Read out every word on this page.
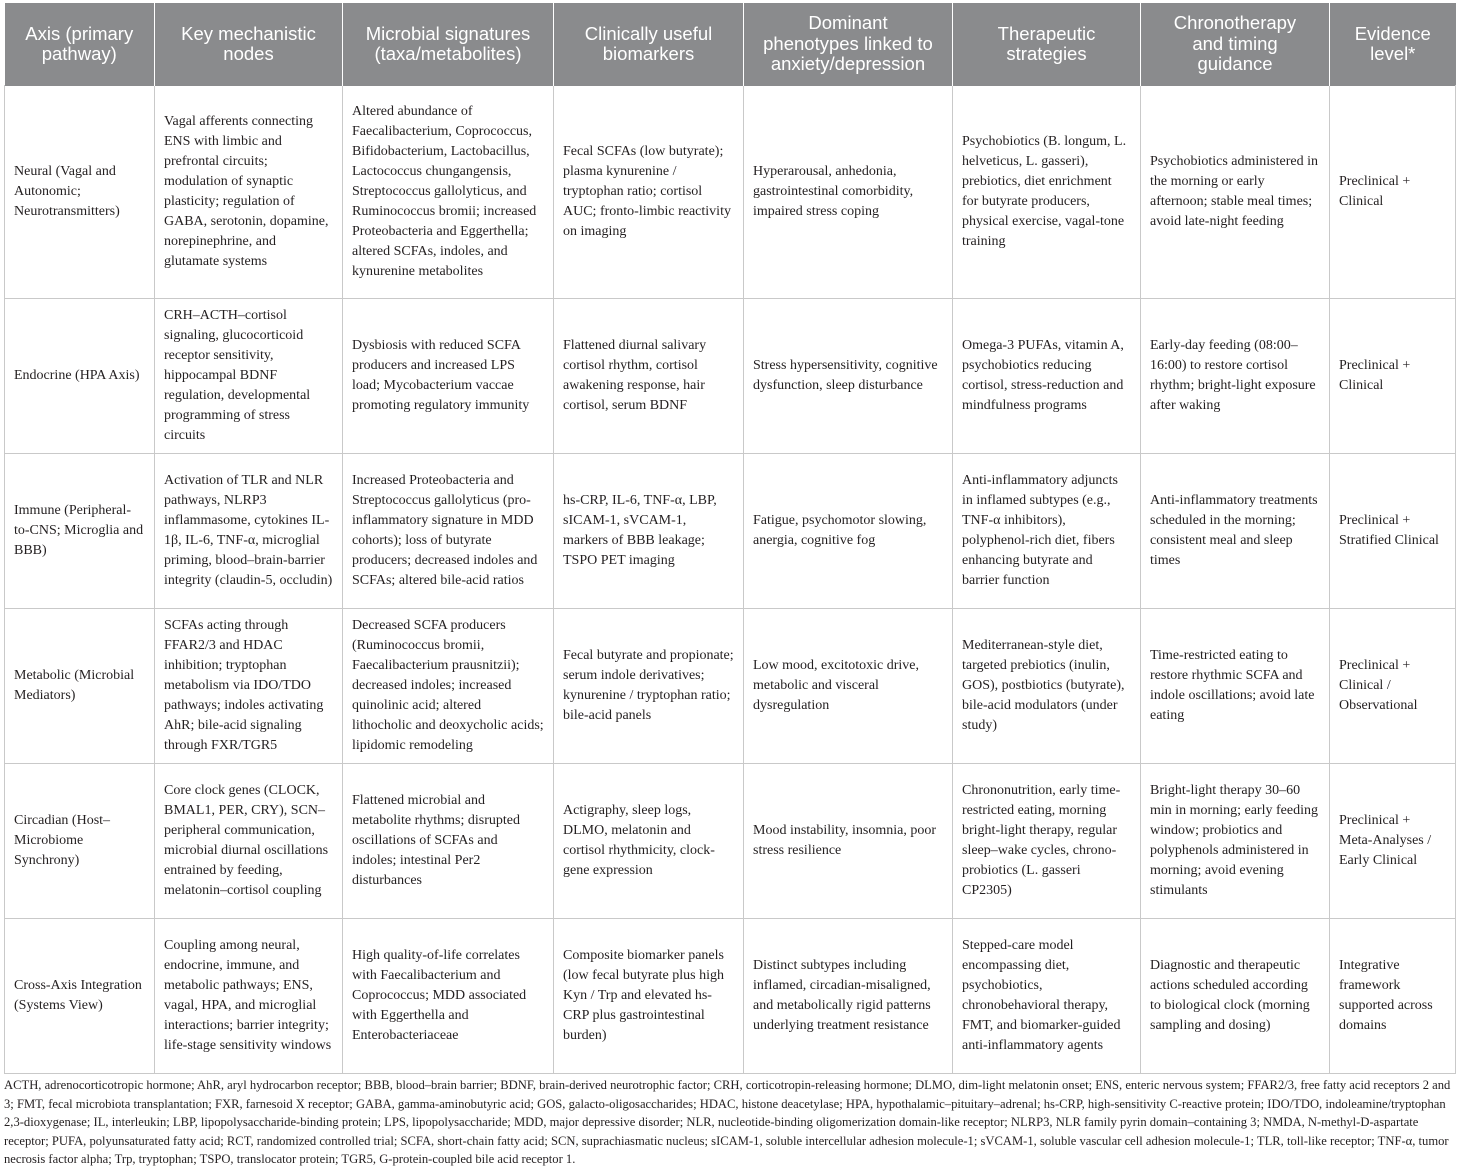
Axis (primary
pathway)	Key mechanistic
nodes	Microbial signatures
(taxa/metabolites)	Clinically useful
biomarkers	Dominant
phenotypes linked to
anxiety/depression	Therapeutic
strategies	Chronotherapy
and timing
guidance	Evidence
level*
Neural (Vagal and Autonomic; Neurotransmitters)	Vagal afferents connecting ENS with limbic and prefrontal circuits; modulation of synaptic plasticity; regulation of GABA, serotonin, dopamine, norepinephrine, and glutamate systems	Altered abundance of Faecalibacterium, Coprococcus, Bifidobacterium, Lactobacillus, Lactococcus chungangensis, Streptococcus gallolyticus, and Ruminococcus bromii; increased Proteobacteria and Eggerthella; altered SCFAs, indoles, and kynurenine metabolites	Fecal SCFAs (low butyrate); plasma kynurenine / tryptophan ratio; cortisol AUC; fronto-limbic reactivity on imaging	Hyperarousal, anhedonia, gastrointestinal comorbidity, impaired stress coping	Psychobiotics (B. longum, L. helveticus, L. gasseri), prebiotics, diet enrichment for butyrate producers, physical exercise, vagal-tone training	Psychobiotics administered in the morning or early afternoon; stable meal times; avoid late-night feeding	Preclinical + Clinical
Endocrine (HPA Axis)	CRH–ACTH–cortisol signaling, glucocorticoid receptor sensitivity, hippocampal BDNF regulation, developmental programming of stress circuits	Dysbiosis with reduced SCFA producers and increased LPS load; Mycobacterium vaccae promoting regulatory immunity	Flattened diurnal salivary cortisol rhythm, cortisol awakening response, hair cortisol, serum BDNF	Stress hypersensitivity, cognitive dysfunction, sleep disturbance	Omega-3 PUFAs, vitamin A, psychobiotics reducing cortisol, stress-reduction and mindfulness programs	Early-day feeding (08:00–16:00) to restore cortisol rhythm; bright-light exposure after waking	Preclinical + Clinical
Immune (Peripheral-to-CNS; Microglia and BBB)	Activation of TLR and NLR pathways, NLRP3 inflammasome, cytokines IL-1β, IL-6, TNF-α, microglial priming, blood–brain-barrier integrity (claudin-5, occludin)	Increased Proteobacteria and Streptococcus gallolyticus (pro-inflammatory signature in MDD cohorts); loss of butyrate producers; decreased indoles and SCFAs; altered bile-acid ratios	hs-CRP, IL-6, TNF-α, LBP, sICAM-1, sVCAM-1, markers of BBB leakage; TSPO PET imaging	Fatigue, psychomotor slowing, anergia, cognitive fog	Anti-inflammatory adjuncts in inflamed subtypes (e.g., TNF-α inhibitors), polyphenol-rich diet, fibers enhancing butyrate and barrier function	Anti-inflammatory treatments scheduled in the morning; consistent meal and sleep times	Preclinical + Stratified Clinical
Metabolic (Microbial Mediators)	SCFAs acting through FFAR2/3 and HDAC inhibition; tryptophan metabolism via IDO/TDO pathways; indoles activating AhR; bile-acid signaling through FXR/TGR5	Decreased SCFA producers (Ruminococcus bromii, Faecalibacterium prausnitzii); decreased indoles; increased quinolinic acid; altered lithocholic and deoxycholic acids; lipidomic remodeling	Fecal butyrate and propionate; serum indole derivatives; kynurenine / tryptophan ratio; bile-acid panels	Low mood, excitotoxic drive, metabolic and visceral dysregulation	Mediterranean-style diet, targeted prebiotics (inulin, GOS), postbiotics (butyrate), bile-acid modulators (under study)	Time-restricted eating to restore rhythmic SCFA and indole oscillations; avoid late eating	Preclinical + Clinical / Observational
Circadian (Host–Microbiome Synchrony)	Core clock genes (CLOCK, BMAL1, PER, CRY), SCN–peripheral communication, microbial diurnal oscillations entrained by feeding, melatonin–cortisol coupling	Flattened microbial and metabolite rhythms; disrupted oscillations of SCFAs and indoles; intestinal Per2 disturbances	Actigraphy, sleep logs, DLMO, melatonin and cortisol rhythmicity, clock-gene expression	Mood instability, insomnia, poor stress resilience	Chrononutrition, early time-restricted eating, morning bright-light therapy, regular sleep–wake cycles, chrono-probiotics (L. gasseri CP2305)	Bright-light therapy 30–60 min in morning; early feeding window; probiotics and polyphenols administered in morning; avoid evening stimulants	Preclinical + Meta-Analyses / Early Clinical
Cross-Axis Integration (Systems View)	Coupling among neural, endocrine, immune, and metabolic pathways; ENS, vagal, HPA, and microglial interactions; barrier integrity; life-stage sensitivity windows	High quality-of-life correlates with Faecalibacterium and Coprococcus; MDD associated with Eggerthella and Enterobacteriaceae	Composite biomarker panels (low fecal butyrate plus high Kyn / Trp and elevated hs-CRP plus gastrointestinal burden)	Distinct subtypes including inflamed, circadian-misaligned, and metabolically rigid patterns underlying treatment resistance	Stepped-care model encompassing diet, psychobiotics, chronobehavioral therapy, FMT, and biomarker-guided anti-inflammatory agents	Diagnostic and therapeutic actions scheduled according to biological clock (morning sampling and dosing)	Integrative framework supported across domains
ACTH, adrenocorticotropic hormone; AhR, aryl hydrocarbon receptor; BBB, blood–brain barrier; BDNF, brain-derived neurotrophic factor; CRH, corticotropin-releasing hormone; DLMO, dim-light melatonin onset; ENS, enteric nervous system; FFAR2/3, free fatty acid receptors 2 and 3; FMT, fecal microbiota transplantation; FXR, farnesoid X receptor; GABA, gamma-aminobutyric acid; GOS, galacto-oligosaccharides; HDAC, histone deacetylase; HPA, hypothalamic–pituitary–adrenal; hs-CRP, high-sensitivity C-reactive protein; IDO/TDO, indoleamine/tryptophan 2,3-dioxygenase; IL, interleukin; LBP, lipopolysaccharide-binding protein; LPS, lipopolysaccharide; MDD, major depressive disorder; NLR, nucleotide-binding oligomerization domain-like receptor; NLRP3, NLR family pyrin domain–containing 3; NMDA, N-methyl-D-aspartate receptor; PUFA, polyunsaturated fatty acid; RCT, randomized controlled trial; SCFA, short-chain fatty acid; SCN, suprachiasmatic nucleus; sICAM-1, soluble intercellular adhesion molecule-1; sVCAM-1, soluble vascular cell adhesion molecule-1; TLR, toll-like receptor; TNF-α, tumor necrosis factor alpha; Trp, tryptophan; TSPO, translocator protein; TGR5, G-protein-coupled bile acid receptor 1.
